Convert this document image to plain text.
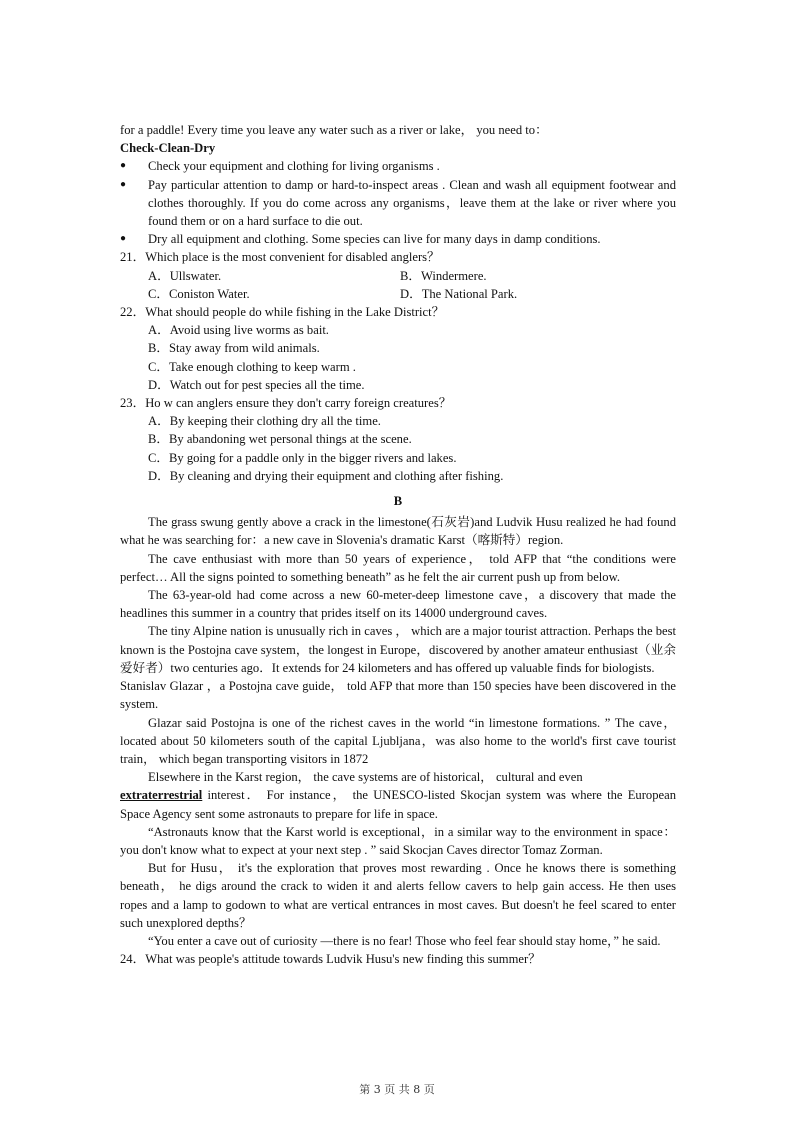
for a paddle! Every time you leave any water such as a river or lake， you need to：

Check-Clean-Dry

● Check your equipment and clothing for living organisms .
● Pay particular attention to damp or hard-to-inspect areas . Clean and wash all equipment footwear and clothes thoroughly. If you do come across any organisms，leave them at the lake or river where you found them or on a hard surface to die out.
● Dry all equipment and clothing. Some species can live for many days in damp conditions.

21．Which place is the most convenient for disabled anglers？

A．Ullswater.	B．Windermere.

C．Coniston Water.	D．The National Park.

22．What should people do while fishing in the Lake District？

A．Avoid using live worms as bait.

B．Stay away from wild animals.

C．Take enough clothing to keep warm .

D．Watch out for pest species all the time.

23．Ho w can anglers ensure they don't carry foreign creatures？

A．By keeping their clothing dry all the time.

B．By abandoning wet personal things at the scene.

C．By going for a paddle only in the bigger rivers and lakes.

D．By cleaning and drying their equipment and clothing after fishing.

B

The grass swung gently above a crack in the limestone(石灰岩)and Ludvik Husu realized he had found what he was searching for：a new cave in Slovenia's dramatic Karst（喀斯特）region.

The cave enthusiast with more than 50 years of experience， told AFP that “the conditions were perfect… All the signs pointed to something beneath” as he felt the air current push up from below.

The 63-year-old had come across a new 60-meter-deep limestone cave，a discovery that made the headlines this summer in a country that prides itself on its 14000 underground caves.

The tiny Alpine nation is unusually rich in caves ， which are a major tourist attraction. Perhaps the best known is the Postojna cave system，the longest in Europe，discovered by another amateur enthusiast（业余爱好者）two centuries ago．It extends for 24 kilometers and has offered up valuable finds for biologists.

Stanislav Glazar ，a Postojna cave guide， told AFP that more than 150 species have been discovered in the system.

Glazar said Postojna is one of the richest caves in the world “in limestone formations. ” The cave，located about 50 kilometers south of the capital Ljubljana，was also home to the world's first cave tourist train， which began transporting visitors in 1872

Elsewhere in the Karst region， the cave systems are of historical， cultural and even
extraterrestrial interest． For instance， the UNESCO-listed Skocjan system was where the European Space Agency sent some astronauts to prepare for life in space.

“Astronauts know that the Karst world is exceptional，in a similar way to the environment in space：you don't know what to expect at your next step . ” said Skocjan Caves director Tomaz Zorman.

But for Husu， it's the exploration that proves most rewarding . Once he knows there is something beneath， he digs around the crack to widen it and alerts fellow cavers to help gain access. He then uses ropes and a lamp to godown to what are vertical entrances in most caves. But doesn't he feel scared to enter such unexplored depths？

“You enter a cave out of curiosity —there is no fear! Those who feel fear should stay home，” he said.

24．What was people's attitude towards Ludvik Husu's new finding this summer？

第 3 页 共 8 页
